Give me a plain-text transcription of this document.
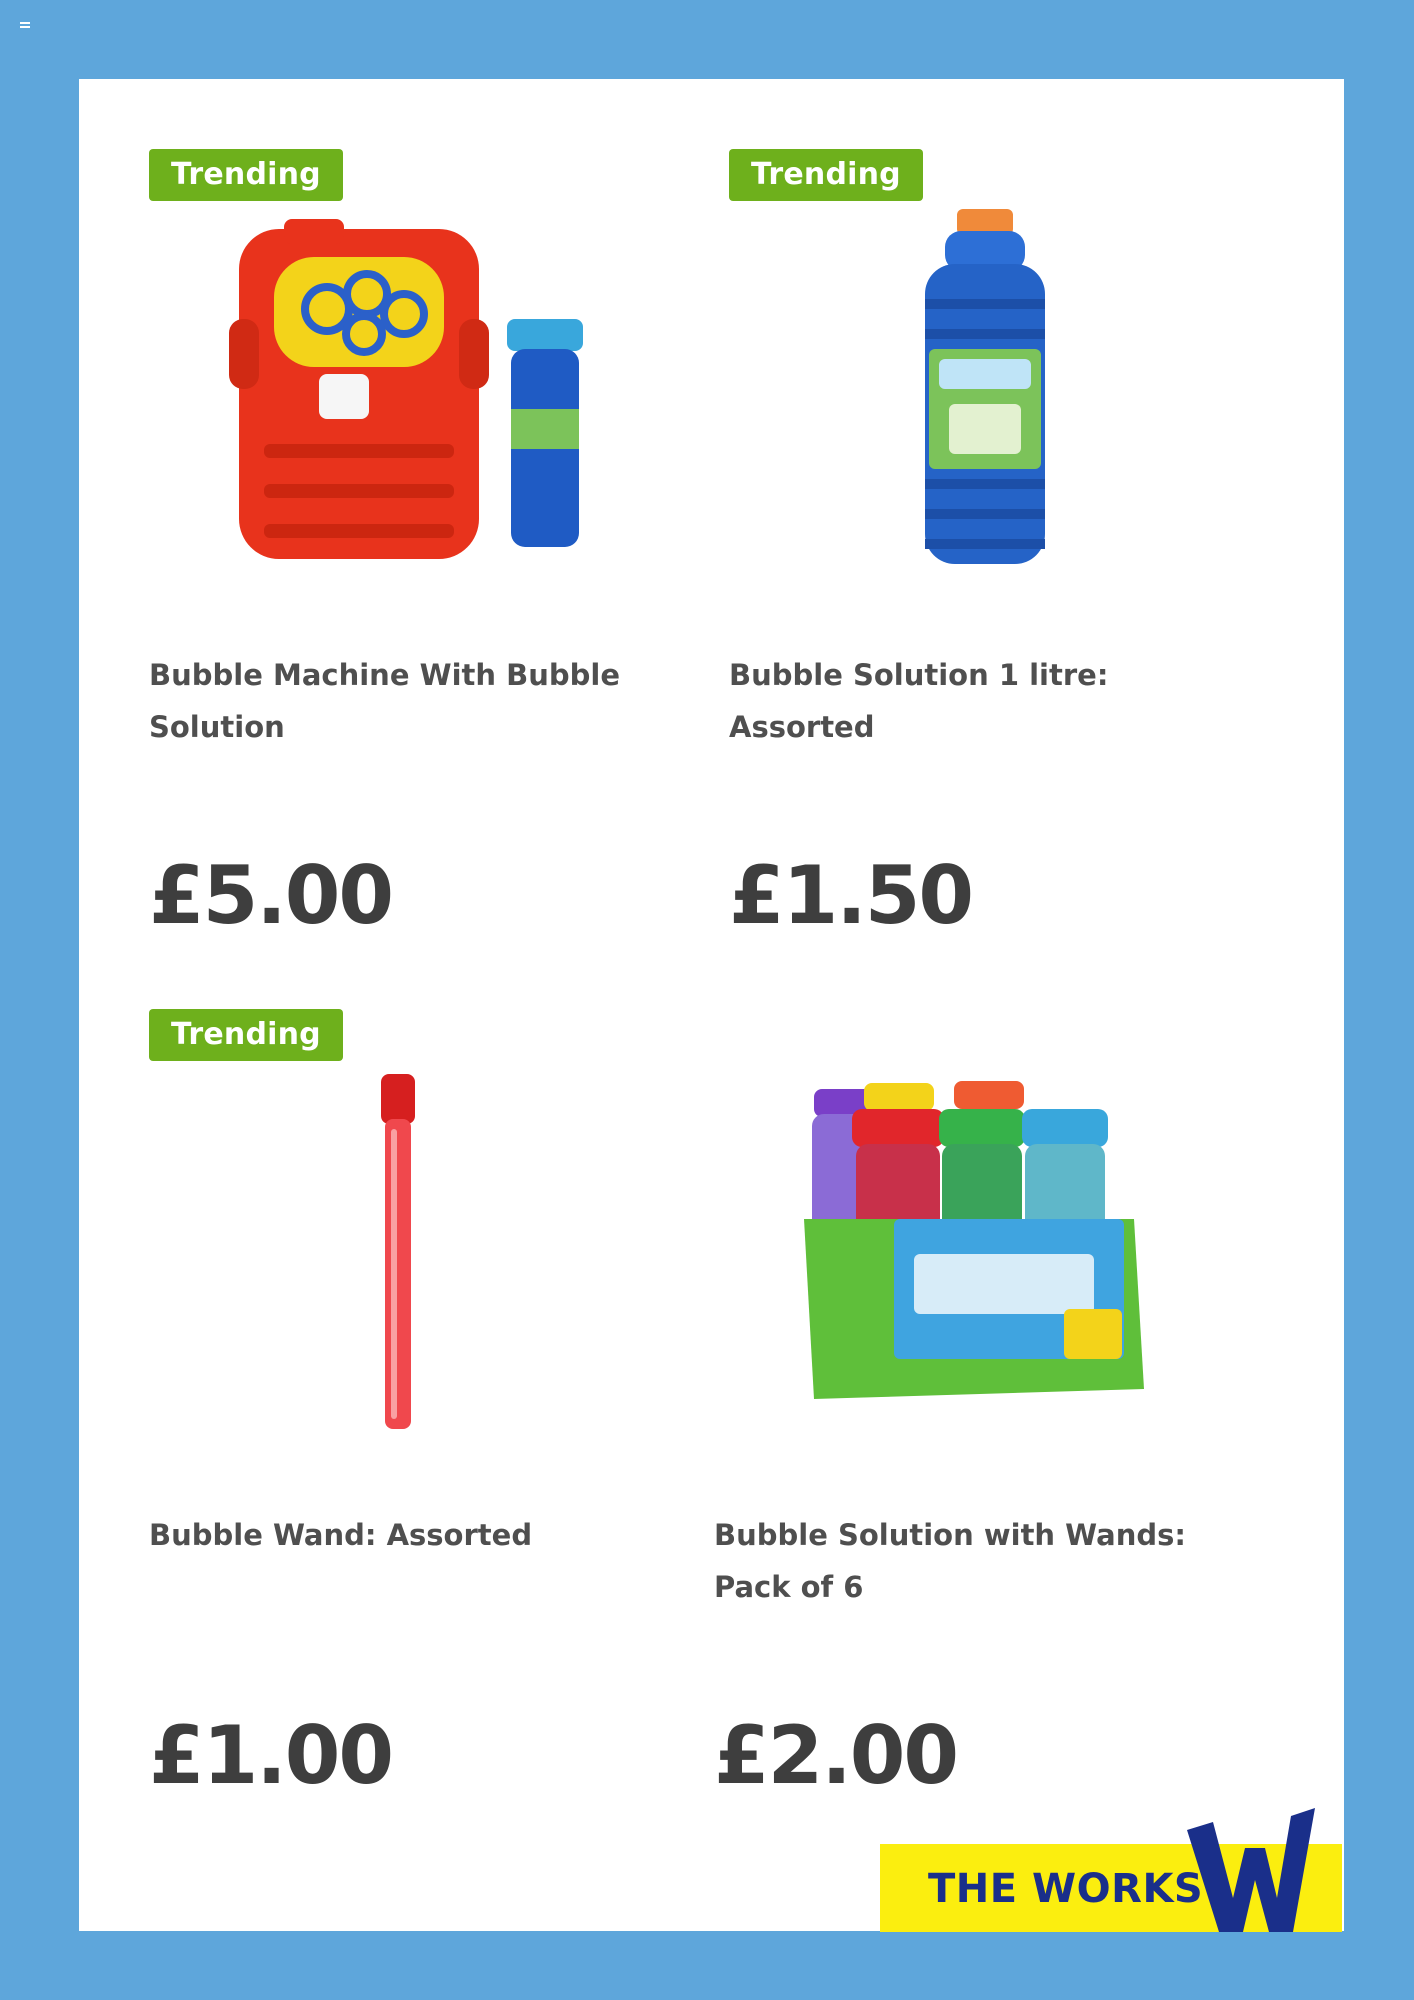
Trending
Bubble Machine With Bubble Solution
£5.00
Trending
Bubble Solution 1 litre: Assorted
£1.50
Trending
Bubble Wand: Assorted
£1.00
Bubble Solution with Wands: Pack of 6
£2.00
THE WORKS
